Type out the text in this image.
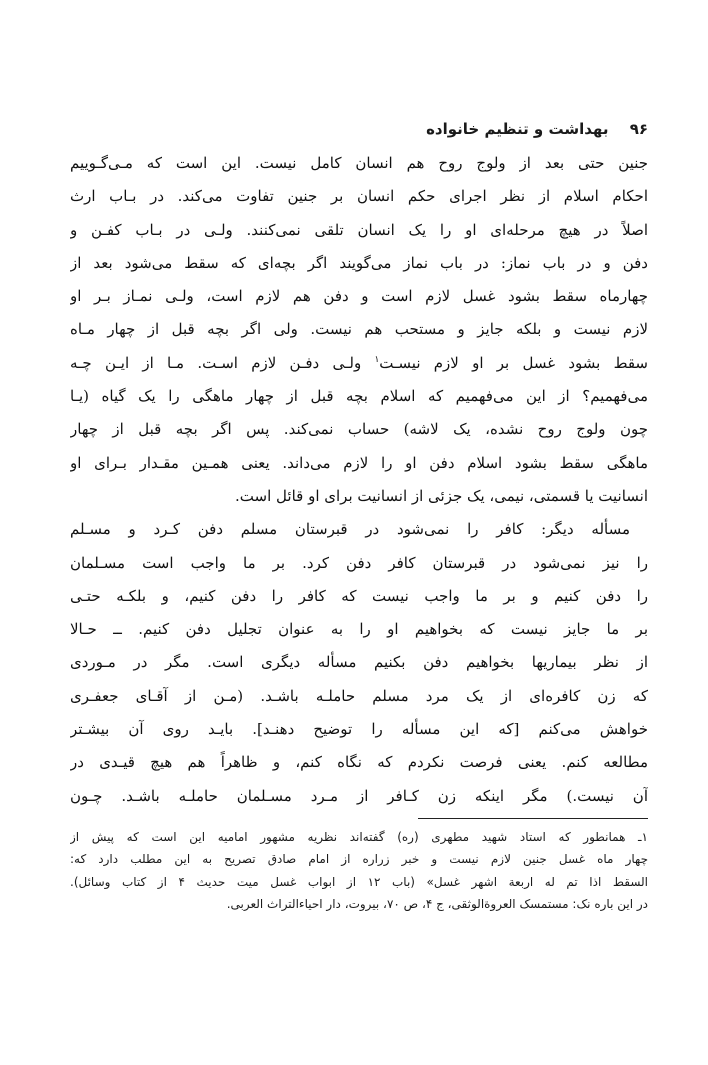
۹۶ بهداشت و تنظیم خانواده
جنین حتی بعد از ولوج روح هم انسان کامل نیست. این است که مـی‌گـوییم
احکام اسلام از نظر اجرای حکم انسان بر جنین تفاوت می‌کند. در بـاب ارث
اصلاً در هیچ مرحله‌ای او را یک انسان تلقی نمی‌کنند. ولـی در بـاب کفـن و
دفن و در باب نماز: در باب نماز می‌گویند اگر بچه‌ای که سقط می‌شود بعد از
چهارماه سقط بشود غسل لازم است و دفن هم لازم است، ولـی نمـاز بـر او
لازم نیست و بلکه جایز و مستحب هم نیست. ولی اگر بچه قبل از چهار مـاه
سقط بشود غسل بر او لازم نیسـت$^۱$ ولـی دفـن لازم اسـت. مـا از ایـن چـه
می‌فهمیم؟ از این می‌فهمیم که اسلام بچه قبل از چهار ماهگی را یک گیاه (یـا
چون ولوج روح نشده، یک لاشه) حساب نمی‌کند. پس اگر بچه قبل از چهار
ماهگی سقط بشود اسلام دفن او را لازم می‌داند. یعنی همـین مقـدار بـرای او
انسانیت یا قسمتی، نیمی، یک جزئی از انسانیت برای او قائل است.
مسأله دیگر: کافر را نمی‌شود در قبرستان مسلم دفن کـرد و مسـلم
را نیز نمی‌شود در قبرستان کافر دفن کرد. بر ما واجب است مسـلمان
را دفن کنیم و بر ما واجب نیست که کافر را دفن کنیم، و بلکـه حتـی
بر ما جایز نیست که بخواهیم او را به عنوان تجلیل دفن کنیم. ــ حـالا
از نظر بیماریها بخواهیم دفن بکنیم مسأله دیگری است. مگر در مـوردی
که زن کافره‌ای از یک مرد مسلم حاملـه باشـد. (مـن از آقـای جعفـری
خواهش می‌کنم [که این مسأله را توضیح دهنـد]. بایـد روی آن بیشـتر
مطالعه کنم. یعنی فرصت نکردم که نگاه کنم، و ظاهراً هم هیچ قیـدی در
آن نیست.) مگر اینکه زن کـافر از مـرد مسـلمان حاملـه باشـد. چـون
۱ـ همانطور که استاد شهید مطهری (ره) گفته‌اند نظریه مشهور امامیه این است که پیش از
چهار ماه غسل جنین لازم نیست و خبر زراره از امام صادق تصریح به این مطلب دارد که:
السقط اذا تم له اربعة اشهر غسل» (باب ۱۲ از ابواب غسل میت حدیث ۴ از کتاب وسائل).
در این باره نک: مستمسک العروة‌الوثقی، ج ۴، ص ۷۰، بیروت، دار احیاءالتراث العربی.
